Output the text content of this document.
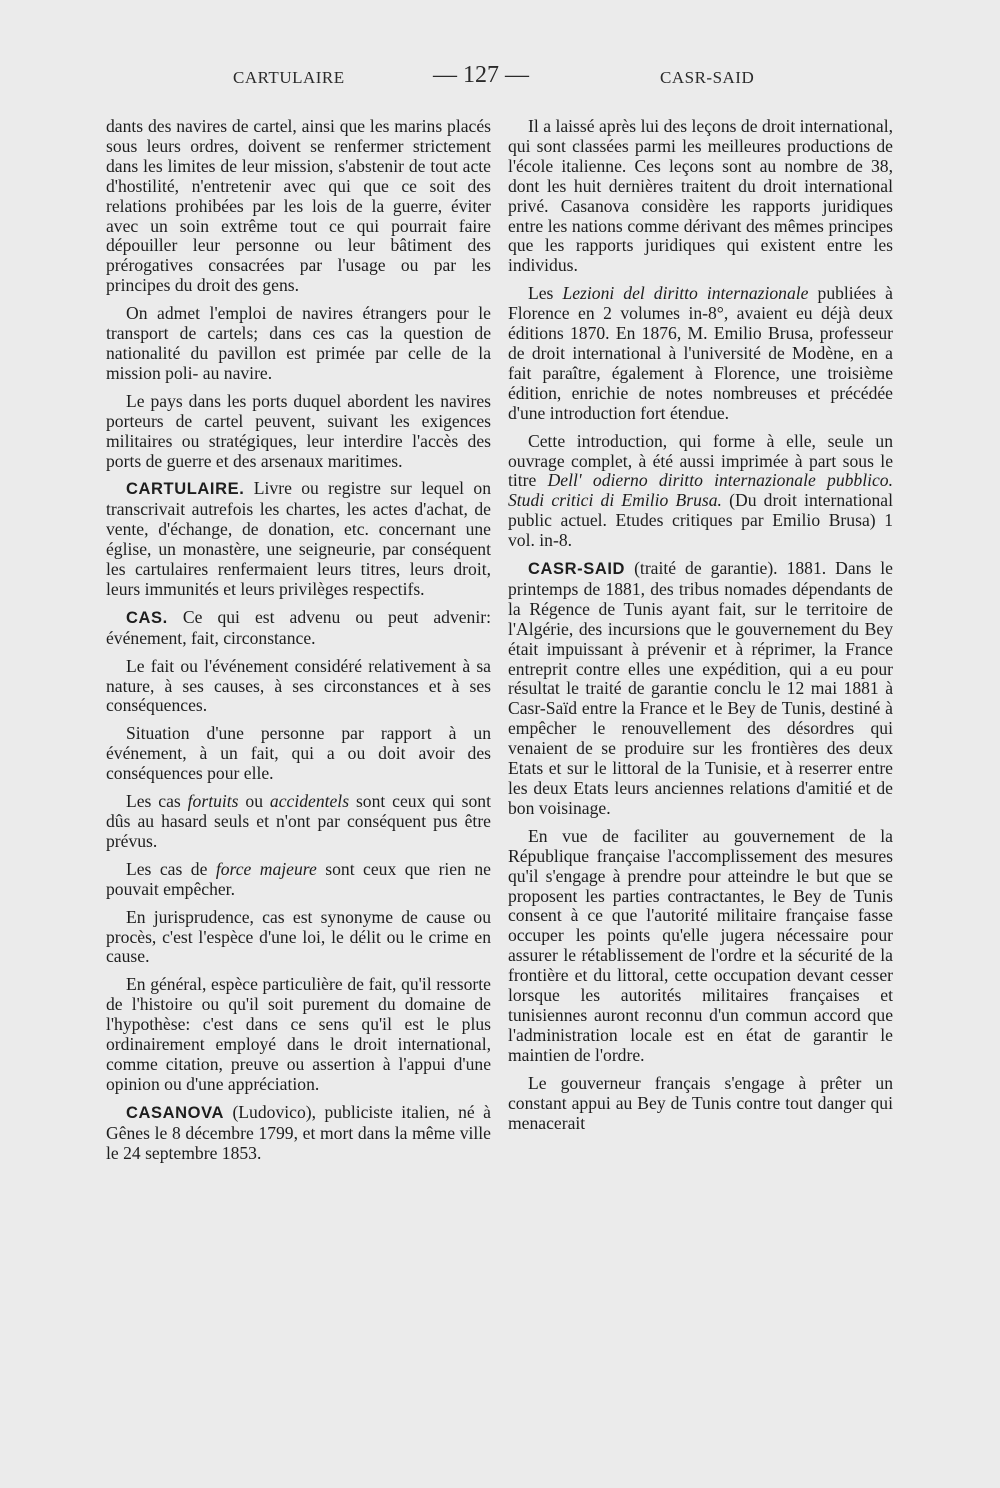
CARTULAIRE	— 127 —	CASR-SAID

dants des navires de cartel, ainsi que les marins placés sous leurs ordres, doivent se renfermer strictement dans les limites de leur mission, s'abstenir de tout acte d'hostilité, n'entretenir avec qui que ce soit des relations prohibées par les lois de la guerre, éviter avec un soin extrême tout ce qui pourrait faire dépouiller leur personne ou leur bâtiment des prérogatives consacrées par l'usage ou par les principes du droit des gens.

On admet l'emploi de navires étrangers pour le transport de cartels; dans ces cas la question de nationalité du pavillon est primée par celle de la mission poli- au navire.

Le pays dans les ports duquel abordent les navires porteurs de cartel peuvent, suivant les exigences militaires ou stratégiques, leur interdire l'accès des ports de guerre et des arsenaux maritimes.

CARTULAIRE. Livre ou registre sur lequel on transcrivait autrefois les chartes, les actes d'achat, de vente, d'échange, de donation, etc. concernant une église, un monastère, une seigneurie, par conséquent les cartulaires renfermaient leurs titres, leurs droit, leurs immunités et leurs privilèges respectifs.

CAS. Ce qui est advenu ou peut advenir: événement, fait, circonstance.

Le fait ou l'événement considéré relativement à sa nature, à ses causes, à ses circonstances et à ses conséquences.

Situation d'une personne par rapport à un événement, à un fait, qui a ou doit avoir des conséquences pour elle.

Les cas fortuits ou accidentels sont ceux qui sont dûs au hasard seuls et n'ont par conséquent pus être prévus.

Les cas de force majeure sont ceux que rien ne pouvait empêcher.

En jurisprudence, cas est synonyme de cause ou procès, c'est l'espèce d'une loi, le délit ou le crime en cause.

En général, espèce particulière de fait, qu'il ressorte de l'histoire ou qu'il soit purement du domaine de l'hypothèse: c'est dans ce sens qu'il est le plus ordinairement employé dans le droit international, comme citation, preuve ou assertion à l'appui d'une opinion ou d'une appréciation.

CASANOVA (Ludovico), publiciste italien, né à Gênes le 8 décembre 1799, et mort dans la même ville le 24 septembre 1853.

Il a laissé après lui des leçons de droit international, qui sont classées parmi les meilleures productions de l'école italienne. Ces leçons sont au nombre de 38, dont les huit dernières traitent du droit international privé. Casanova considère les rapports juridiques entre les nations comme dérivant des mêmes principes que les rapports juridiques qui existent entre les individus.

Les Lezioni del diritto internazionale publiées à Florence en 2 volumes in-8°, avaient eu déjà deux éditions 1870. En 1876, M. Emilio Brusa, professeur de droit international à l'université de Modène, en a fait paraître, également à Florence, une troisième édition, enrichie de notes nombreuses et précédée d'une introduction fort étendue.

Cette introduction, qui forme à elle, seule un ouvrage complet, à été aussi imprimée à part sous le titre Dell' odierno diritto internazionale pubblico. Studi critici di Emilio Brusa. (Du droit international public actuel. Etudes critiques par Emilio Brusa) 1 vol. in-8.

CASR-SAID (traité de garantie). 1881. Dans le printemps de 1881, des tribus nomades dépendants de la Régence de Tunis ayant fait, sur le territoire de l'Algérie, des incursions que le gouvernement du Bey était impuissant à prévenir et à réprimer, la France entreprit contre elles une expédition, qui a eu pour résultat le traité de garantie conclu le 12 mai 1881 à Casr-Saïd entre la France et le Bey de Tunis, destiné à empêcher le renouvellement des désordres qui venaient de se produire sur les frontières des deux Etats et sur le littoral de la Tunisie, et à reserrer entre les deux Etats leurs anciennes relations d'amitié et de bon voisinage.

En vue de faciliter au gouvernement de la République française l'accomplissement des mesures qu'il s'engage à prendre pour atteindre le but que se proposent les parties contractantes, le Bey de Tunis consent à ce que l'autorité militaire française fasse occuper les points qu'elle jugera nécessaire pour assurer le rétablissement de l'ordre et la sécurité de la frontière et du littoral, cette occupation devant cesser lorsque les autorités militaires françaises et tunisiennes auront reconnu d'un commun accord que l'administration locale est en état de garantir le maintien de l'ordre.

Le gouverneur français s'engage à prêter un constant appui au Bey de Tunis contre tout danger qui menacerait
